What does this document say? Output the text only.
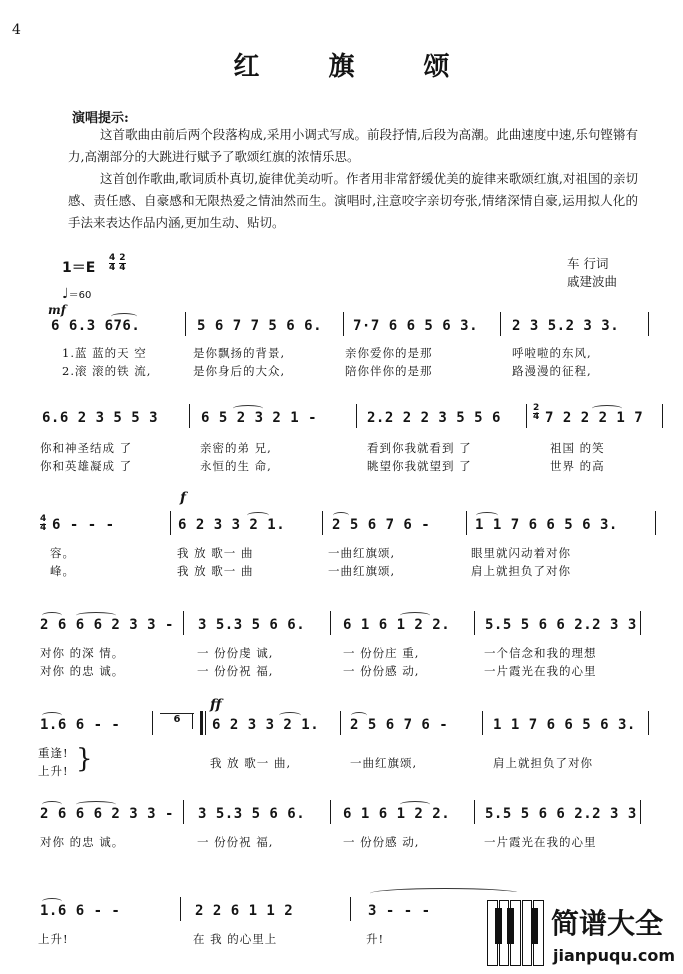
4
红 旗 颂
演唱提示:
这首歌曲由前后两个段落构成,采用小调式写成。前段抒情,后段为高潮。此曲速度中速,乐句铿锵有力,高潮部分的大跳进行赋予了歌颂红旗的浓情乐思。
这首创作歌曲,歌词质朴真切,旋律优美动听。作者用非常舒缓优美的旋律来歌颂红旗,对祖国的亲切感、责任感、自豪感和无限热爱之情油然而生。演唱时,注意咬字亲切夸张,情绪深情自豪,运用拟人化的手法来表达作品内涵,更加生动、贴切。
车 行词
戚建波曲
1＝E
4 2
4 4
♩＝60
mf
6 6.3 676.	5 6 7 7 5 6 6. 7·7 6 6 5 6 3. 2 3 5.2 3 3.
1.蓝 蓝的天 空	是你飘扬的背景,	亲你爱你的是那	呼啦啦的东风,
2.滚 滚的铁 流,	是你身后的大众,	陪你伴你的是那	路漫漫的征程,
6.6 2 3 5 5 3	6 5 2 3 2 1 -	2.2 2 2 3 5 5 6
2
4 7 2 2 2 1 7
你和神圣结成 了	亲密的弟 兄,	看到你我就看到 了	祖国 的笑
你和英雄凝成 了	永恒的生 命,	眺望你我就望到 了	世界 的高
4
4 6 - - -
f
6 2 3 3 2 1.	2 5 6 7 6 -	1 1 7 6 6 5 6 3.
容。	我 放 歌一 曲	一曲红旗颂,	眼里就闪动着对你
峰。	我 放 歌一 曲	一曲红旗颂,	肩上就担负了对你
2 6 6 6 2 3 3 - 3 5.3 5 6 6.	6 1 6 1 2 2. 5.5 5 6 6 2.2 3 3
对你 的深 情。	一 份份虔 诚,	一 份份庄 重,	一个信念和我的理想
对你 的忠 诚。	一 份份祝 福,	一 份份感 动,	一片霞光在我的心里
1.6 6 - -	6
ff
6 2 3 3 2 1. 2 5 6 7 6 -	1 1 7 6 6 5 6 3.
重逢!
上升! }	我 放 歌一 曲,	一曲红旗颂,	肩上就担负了对你
2 6 6 6 2 3 3 - 3 5.3 5 6 6.	6 1 6 1 2 2. 5.5 5 6 6 2.2 3 3
对你 的忠 诚。	一 份份祝 福,	一 份份感 动,	一片霞光在我的心里
1.6 6 - -	2 2 6 1 1 2	3 - - -
上升!	在 我 的心里上	升!	简谱大全
jianpuqu.com
